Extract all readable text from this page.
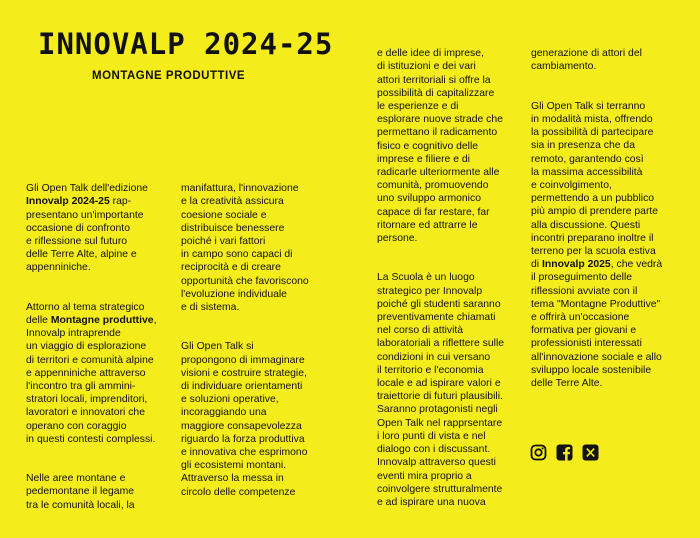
INNOVALP 2024-25
MONTAGNE PRODUTTIVE

Gli Open Talk dell'edizione
Innovalp 2024-25 rap-
presentano un'importante
occasione di confronto
e riflessione sul futuro
delle Terre Alte, alpine e
appenniniche.

Attorno al tema strategico
delle Montagne produttive,
Innovalp intraprende
un viaggio di esplorazione
di territori e comunità alpine
e appenniniche attraverso
l'incontro tra gli ammini-
stratori locali, imprenditori,
lavoratori e innovatori che
operano con coraggio
in questi contesti complessi.

Nelle aree montane e
pedemontane il legame
tra le comunità locali, la

manifattura, l'innovazione
e la creatività assicura
coesione sociale e
distribuisce benessere
poiché i vari fattori
in campo sono capaci di
reciprocità e di creare
opportunità che favoriscono
l'evoluzione individuale
e di sistema.

Gli Open Talk si
propongono di immaginare
visioni e costruire strategie,
di individuare orientamenti
e soluzioni operative,
incoraggiando una
maggiore consapevolezza
riguardo la forza produttiva
e innovativa che esprimono
gli ecosistemi montani.
Attraverso la messa in
circolo delle competenze

e delle idee di imprese,
di istituzioni e dei vari
attori territoriali si offre la
possibilità di capitalizzare
le esperienze e di
esplorare nuove strade che
permettano il radicamento
fisico e cognitivo delle
imprese e filiere e di
radicarle ulteriormente alle
comunità, promuovendo
uno sviluppo armonico
capace di far restare, far
ritornare ed attrarre le
persone.

La Scuola è un luogo
strategico per Innovalp
poiché gli studenti saranno
preventivamente chiamati
nel corso di attività
laboratoriali a riflettere sulle
condizioni in cui versano
il territorio e l'economia
locale e ad ispirare valori e
traiettorie di futuri plausibili.
Saranno protagonisti negli
Open Talk nel rapprsentare
i loro punti di vista e nel
dialogo con i discussant.
Innovalp attraverso questi
eventi mira proprio a
coinvolgere strutturalmente
e ad ispirare una nuova

generazione di attori del
cambiamento.

Gli Open Talk si terranno
in modalità mista, offrendo
la possibilità di partecipare
sia in presenza che da
remoto, garantendo così
la massima accessibilità
e coinvolgimento,
permettendo a un pubblico
più ampio di prendere parte
alla discussione. Questi
incontri preparano inoltre il
terreno per la scuola estiva
di Innovalp 2025, che vedrà
il proseguimento delle
riflessioni avviate con il
tema "Montagne Produttive"
e offrirà un'occasione
formativa per giovani e
professionisti interessati
all'innovazione sociale e allo
sviluppo locale sostenibile
delle Terre Alte.
